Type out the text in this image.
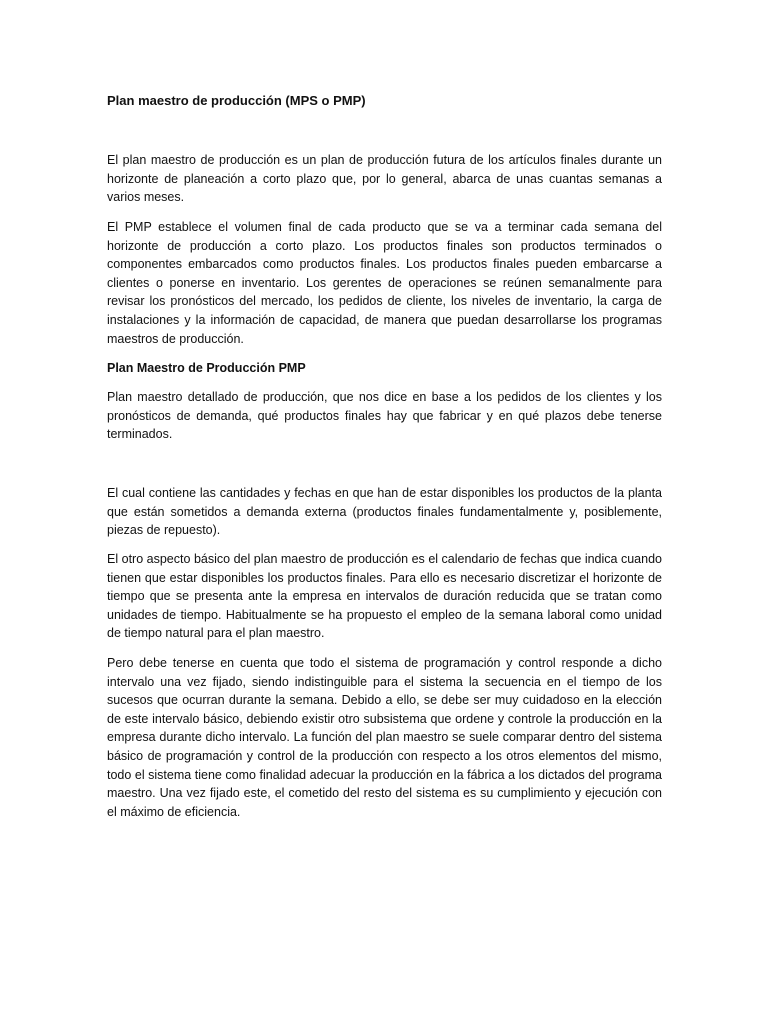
Plan maestro de producción (MPS o PMP)

El plan maestro de producción es un plan de producción futura de los artículos finales durante un horizonte de planeación a corto plazo que, por lo general, abarca de unas cuantas semanas a varios meses.

El PMP establece el volumen final de cada producto que se va a terminar cada semana del horizonte de producción a corto plazo. Los productos finales son productos terminados o componentes embarcados como productos finales. Los productos finales pueden embarcarse a clientes o ponerse en inventario. Los gerentes de operaciones se reúnen semanalmente para revisar los pronósticos del mercado, los pedidos de cliente, los niveles de inventario, la carga de instalaciones y la información de capacidad, de manera que puedan desarrollarse los programas maestros de producción.

Plan Maestro de Producción PMP

Plan maestro detallado de producción, que nos dice en base a los pedidos de los clientes y los pronósticos de demanda, qué productos finales hay que fabricar y en qué plazos debe tenerse terminados.

El cual contiene las cantidades y fechas en que han de estar disponibles los productos de la planta que están sometidos a demanda externa (productos finales fundamentalmente y, posiblemente, piezas de repuesto).

El otro aspecto básico del plan maestro de producción es el calendario de fechas que indica cuando tienen que estar disponibles los productos finales. Para ello es necesario discretizar el horizonte de tiempo que se presenta ante la empresa en intervalos de duración reducida que se tratan como unidades de tiempo. Habitualmente se ha propuesto el empleo de la semana laboral como unidad de tiempo natural para el plan maestro.

Pero debe tenerse en cuenta que todo el sistema de programación y control responde a dicho intervalo una vez fijado, siendo indistinguible para el sistema la secuencia en el tiempo de los sucesos que ocurran durante la semana. Debido a ello, se debe ser muy cuidadoso en la elección de este intervalo básico, debiendo existir otro subsistema que ordene y controle la producción en la empresa durante dicho intervalo. La función del plan maestro se suele comparar dentro del sistema básico de programación y control de la producción con respecto a los otros elementos del mismo, todo el sistema tiene como finalidad adecuar la producción en la fábrica a los dictados del programa maestro. Una vez fijado este, el cometido del resto del sistema es su cumplimiento y ejecución con el máximo de eficiencia.
